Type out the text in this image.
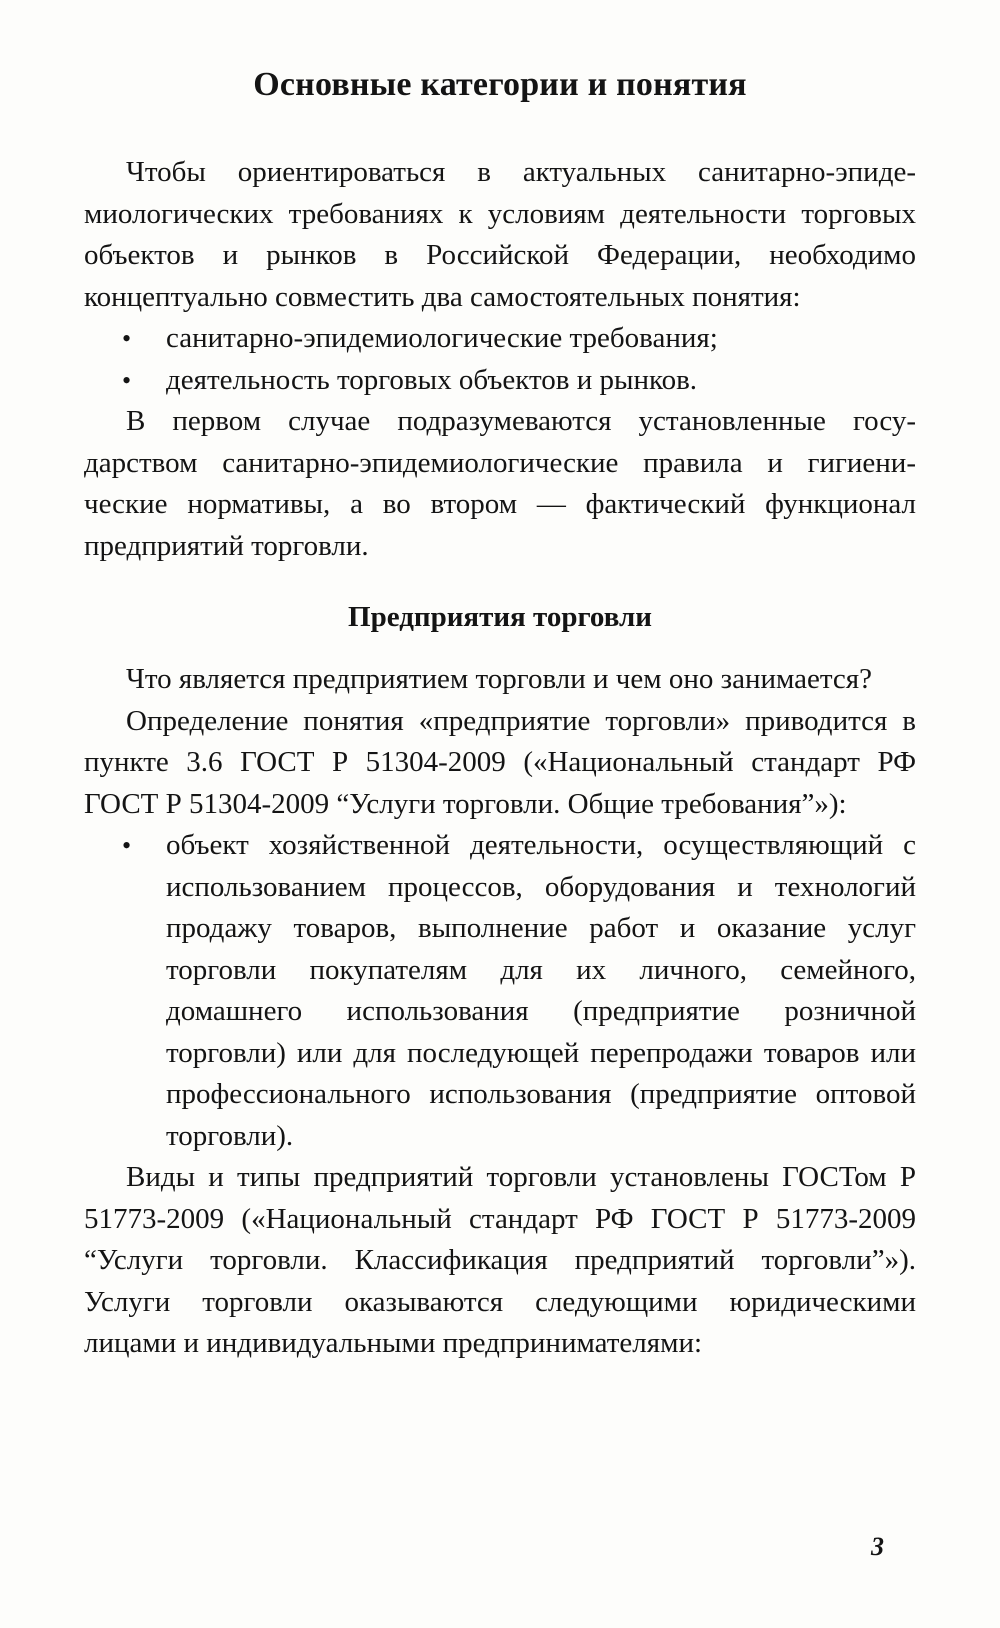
Основные категории и понятия

Чтобы ориентироваться в актуальных санитарно-эпидемиологических требованиях к условиям деятельности торговых объектов и рынков в Российской Федерации, необходимо концептуально совместить два самостоятельных понятия:

• санитарно-эпидемиологические требования;
• деятельность торговых объектов и рынков.

В первом случае подразумеваются установленные государством санитарно-эпидемиологические правила и гигиенические нормативы, а во втором — фактический функционал предприятий торговли.

Предприятия торговли

Что является предприятием торговли и чем оно занимается?

Определение понятия «предприятие торговли» приводится в пункте 3.6 ГОСТ Р 51304-2009 («Национальный стандарт РФ ГОСТ Р 51304-2009 “Услуги торговли. Общие требования”»):

• объект хозяйственной деятельности, осуществляющий с использованием процессов, оборудования и технологий продажу товаров, выполнение работ и оказание услуг торговли покупателям для их личного, семейного, домашнего использования (предприятие розничной торговли) или для последующей перепродажи товаров или профессионального использования (предприятие оптовой торговли).

Виды и типы предприятий торговли установлены ГОСТом Р 51773-2009 («Национальный стандарт РФ ГОСТ Р 51773-2009 “Услуги торговли. Классификация предприятий торговли”»). Услуги торговли оказываются следующими юридическими лицами и индивидуальными предпринимателями:

3
